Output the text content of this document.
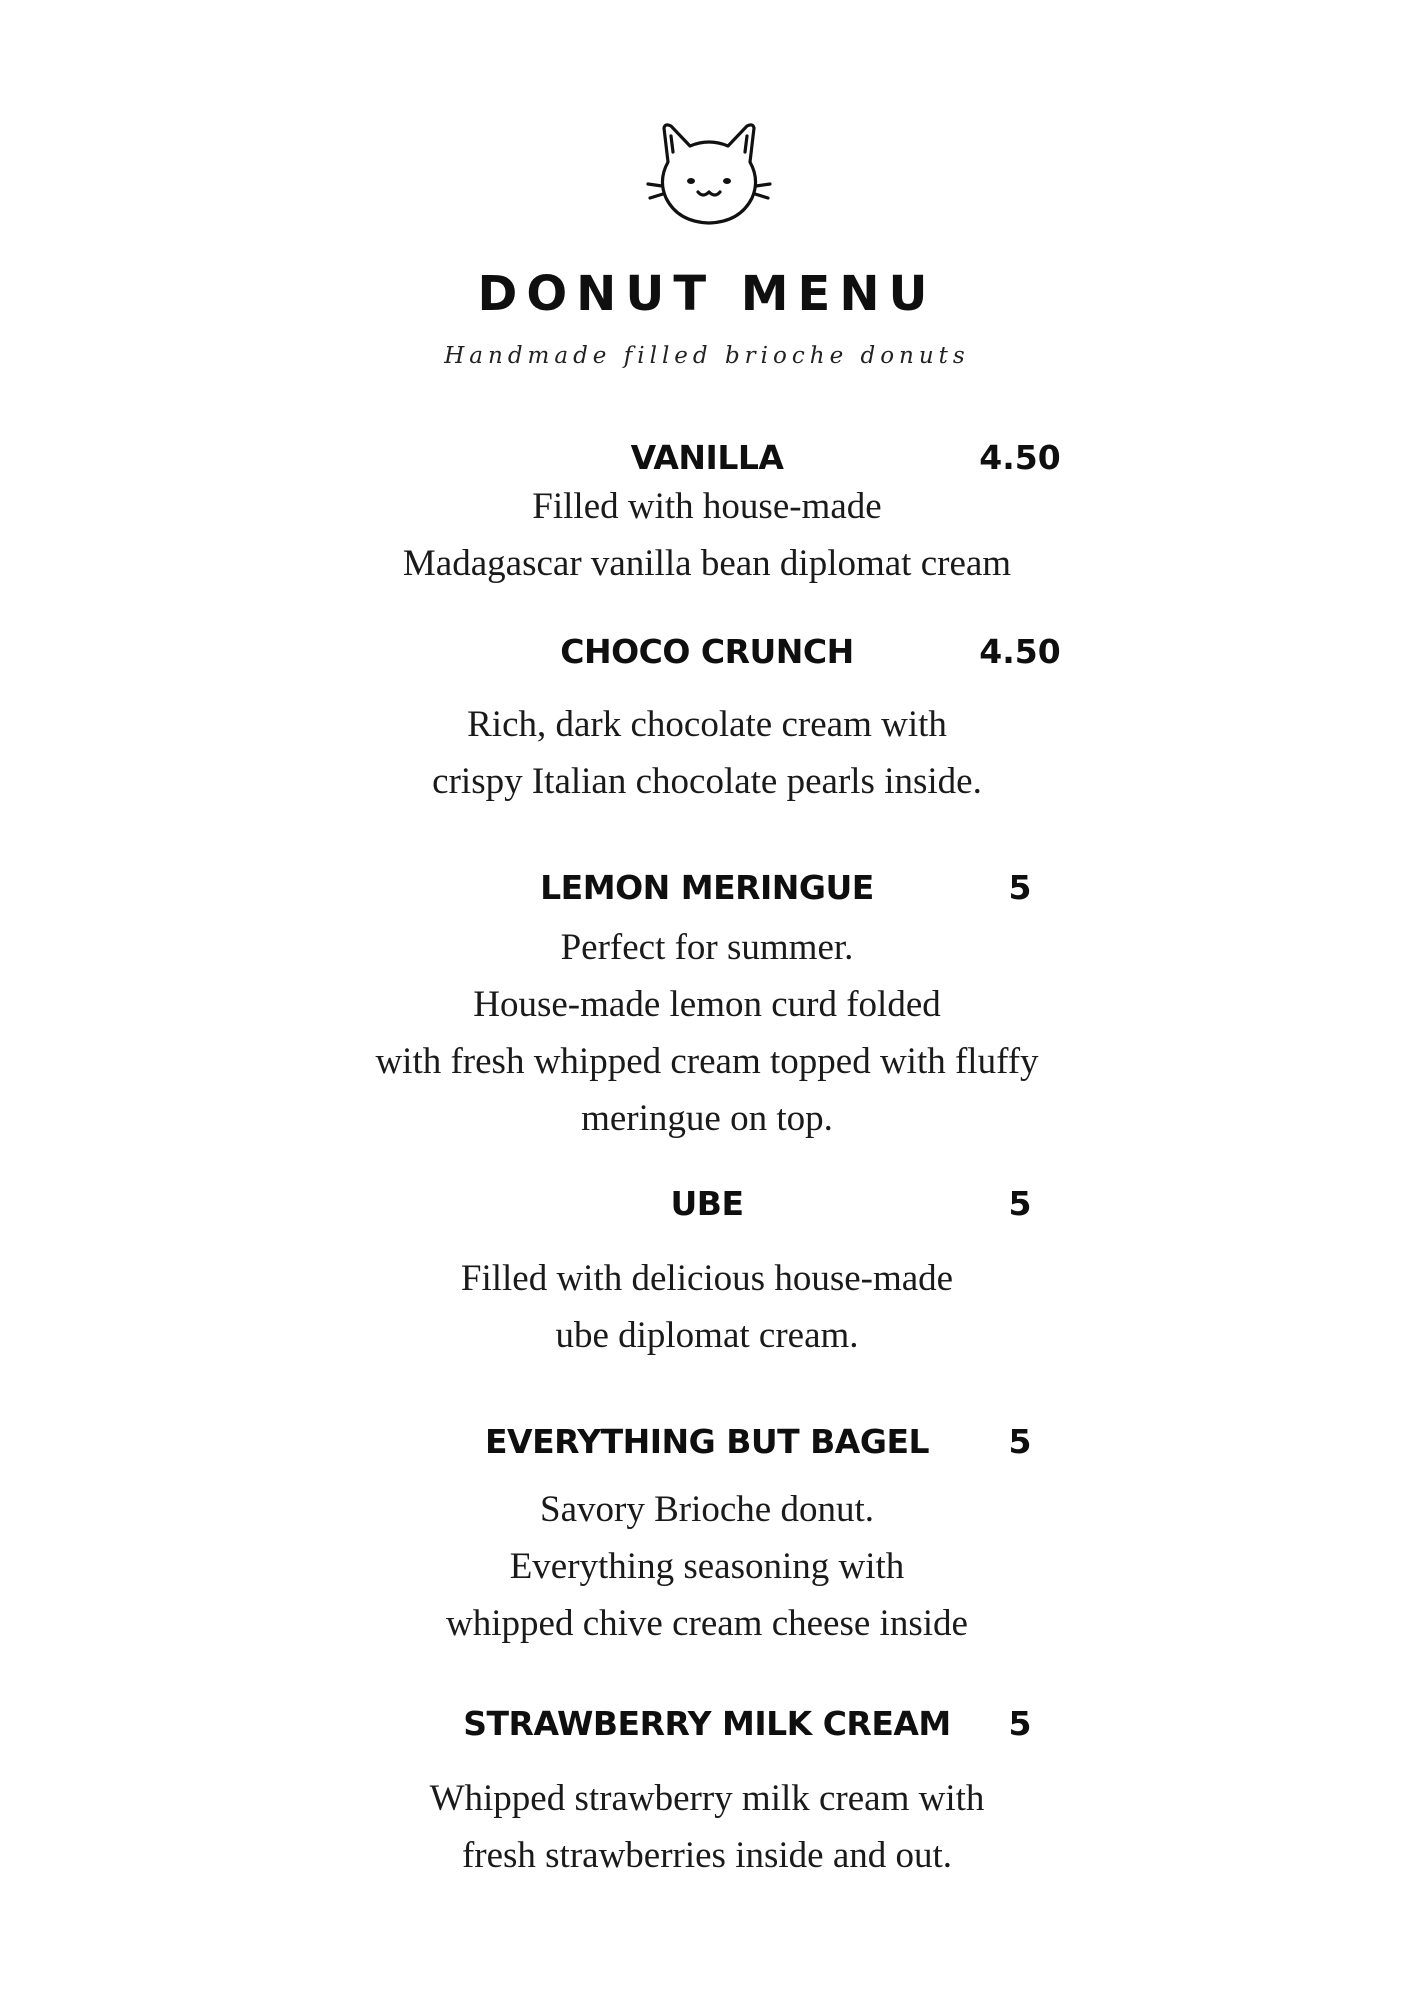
DONUT MENU
Handmade filled brioche donuts
VANILLA	4.50
Filled with house-made
Madagascar vanilla bean diplomat cream
CHOCO CRUNCH	4.50
Rich, dark chocolate cream with
crispy Italian chocolate pearls inside.
LEMON MERINGUE	5
Perfect for summer.
House-made lemon curd folded
with fresh whipped cream topped with fluffy
meringue on top.
UBE	5
Filled with delicious house-made
ube diplomat cream.
EVERYTHING BUT BAGEL	5
Savory Brioche donut.
Everything seasoning with
whipped chive cream cheese inside
STRAWBERRY MILK CREAM	5
Whipped strawberry milk cream with
fresh strawberries inside and out.
